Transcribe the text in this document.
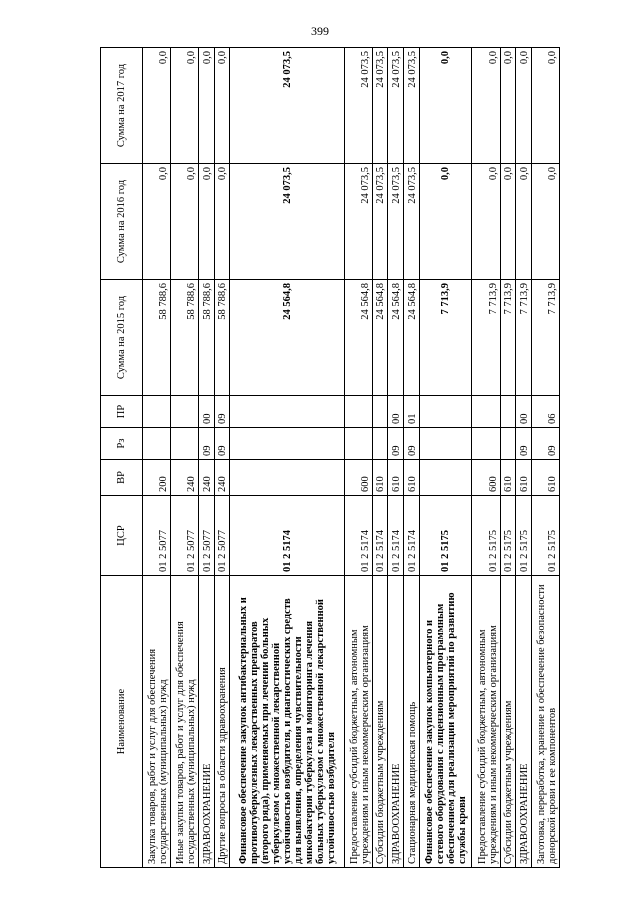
399
Наименование	ЦСР	ВР	Рз	ПР	Сумма на 2015 год	Сумма на 2016 год	Сумма на 2017 год
Закупка товаров, работ и услуг для обеспечения государственных (муниципальных) нужд	01 2 5077	200			58 788,6	0,0	0,0
Иные закупки товаров, работ и услуг для обеспечения государственных (муниципальных) нужд	01 2 5077	240			58 788,6	0,0	0,0
ЗДРАВООХРАНЕНИЕ	01 2 5077	240	09	00	58 788,6	0,0	0,0
Другие вопросы в области здравоохранения	01 2 5077	240	09	09	58 788,6	0,0	0,0
Финансовое обеспечение закупок антибактериальных и противотуберкулезных лекарственных препаратов (второго ряда), применяемых при лечении больных туберкулезом с множественной лекарственной устойчивостью возбудителя, и диагностических средств для выявления, определения чувствительности микобактерии туберкулеза и мониторинга лечения больных туберкулезом с множественной лекарственной устойчивостью возбудителя	01 2 5174				24 564,8	24 073,5	24 073,5
Предоставление субсидий бюджетным, автономным учреждениям и иным некоммерческим организациям	01 2 5174	600			24 564,8	24 073,5	24 073,5
Субсидии бюджетным учреждениям	01 2 5174	610			24 564,8	24 073,5	24 073,5
ЗДРАВООХРАНЕНИЕ	01 2 5174	610	09	00	24 564,8	24 073,5	24 073,5
Стационарная медицинская помощь	01 2 5174	610	09	01	24 564,8	24 073,5	24 073,5
Финансовое обеспечение закупок компьютерного и сетевого оборудования с лицензионным программным обеспечением для реализации мероприятий по развитию службы крови	01 2 5175				7 713,9	0,0	0,0
Предоставление субсидий бюджетным, автономным учреждениям и иным некоммерческим организациям	01 2 5175	600			7 713,9	0,0	0,0
Субсидии бюджетным учреждениям	01 2 5175	610			7 713,9	0,0	0,0
ЗДРАВООХРАНЕНИЕ	01 2 5175	610	09	00	7 713,9	0,0	0,0
Заготовка, переработка, хранение и обеспечение безопасности донорской крови и ее компонентов	01 2 5175	610	09	06	7 713,9	0,0	0,0
